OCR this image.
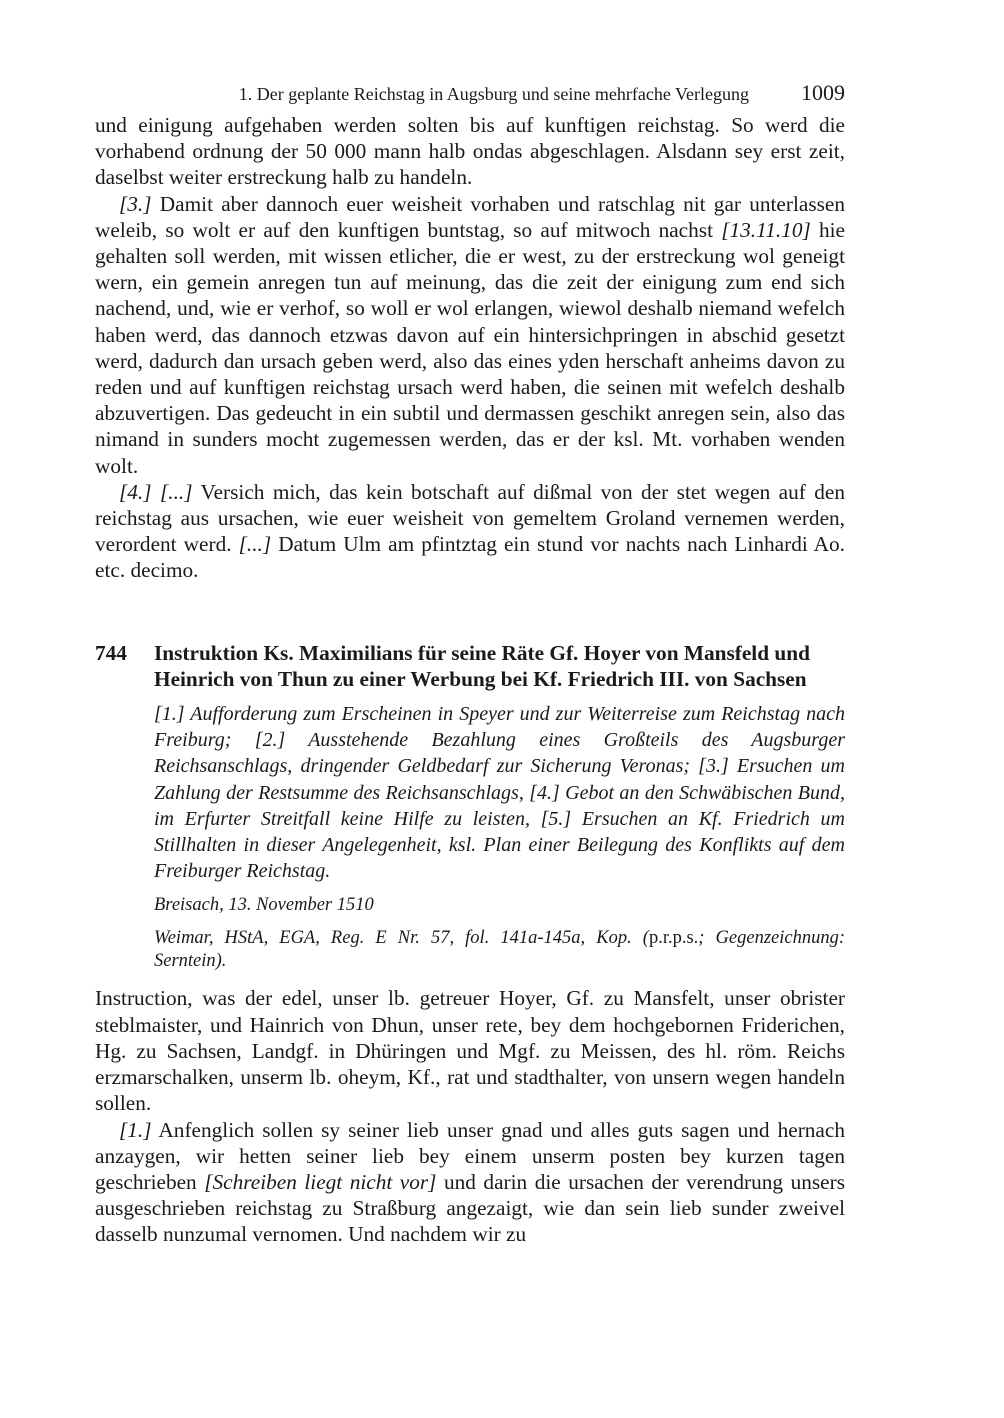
1. Der geplante Reichstag in Augsburg und seine mehrfache Verlegung 1009

und einigung aufgehaben werden solten bis auf kunftigen reichstag. So werd die vorhabend ordnung der 50 000 mann halb ondas abgeschlagen. Alsdann sey erst zeit, daselbst weiter erstreckung halb zu handeln.

[3.] Damit aber dannoch euer weisheit vorhaben und ratschlag nit gar unterlassen weleib, so wolt er auf den kunftigen buntstag, so auf mitwoch nachst [13.11.10] hie gehalten soll werden, mit wissen etlicher, die er west, zu der erstreckung wol geneigt wern, ein gemein anregen tun auf meinung, das die zeit der einigung zum end sich nachend, und, wie er verhof, so woll er wol erlangen, wiewol deshalb niemand wefelch haben werd, das dannoch etzwas davon auf ein hintersichpringen in abschid gesetzt werd, dadurch dan ursach geben werd, also das eines yden herschaft anheims davon zu reden und auf kunftigen reichstag ursach werd haben, die seinen mit wefelch deshalb abzuvertigen. Das gedeucht in ein subtil und dermassen geschikt anregen sein, also das nimand in sunders mocht zugemessen werden, das er der ksl. Mt. vorhaben wenden wolt.

[4.] [...] Versich mich, das kein botschaft auf dißmal von der stet wegen auf den reichstag aus ursachen, wie euer weisheit von gemeltem Groland vernemen werden, verordent werd. [...] Datum Ulm am pfintztag ein stund vor nachts nach Linhardi Ao. etc. decimo.

744 Instruktion Ks. Maximilians für seine Räte Gf. Hoyer von Mansfeld und Heinrich von Thun zu einer Werbung bei Kf. Friedrich III. von Sachsen

[1.] Aufforderung zum Erscheinen in Speyer und zur Weiterreise zum Reichstag nach Freiburg; [2.] Ausstehende Bezahlung eines Großteils des Augsburger Reichsanschlags, dringender Geldbedarf zur Sicherung Veronas; [3.] Ersuchen um Zahlung der Restsumme des Reichsanschlags, [4.] Gebot an den Schwäbischen Bund, im Erfurter Streitfall keine Hilfe zu leisten, [5.] Ersuchen an Kf. Friedrich um Stillhalten in dieser Angelegenheit, ksl. Plan einer Beilegung des Konflikts auf dem Freiburger Reichstag.

Breisach, 13. November 1510

Weimar, HStA, EGA, Reg. E Nr. 57, fol. 141a-145a, Kop. (p.r.p.s.; Gegenzeichnung: Serntein).

Instruction, was der edel, unser lb. getreuer Hoyer, Gf. zu Mansfelt, unser obrister steblmaister, und Hainrich von Dhun, unser rete, bey dem hochgebornen Friderichen, Hg. zu Sachsen, Landgf. in Dhüringen und Mgf. zu Meissen, des hl. röm. Reichs erzmarschalken, unserm lb. oheym, Kf., rat und stadthalter, von unsern wegen handeln sollen.

[1.] Anfenglich sollen sy seiner lieb unser gnad und alles guts sagen und hernach anzaygen, wir hetten seiner lieb bey einem unserm posten bey kurzen tagen geschrieben [Schreiben liegt nicht vor] und darin die ursachen der verendrung unsers ausgeschrieben reichstag zu Straßburg angezaigt, wie dan sein lieb sunder zweivel dasselb nunzumal vernomen. Und nachdem wir zu
